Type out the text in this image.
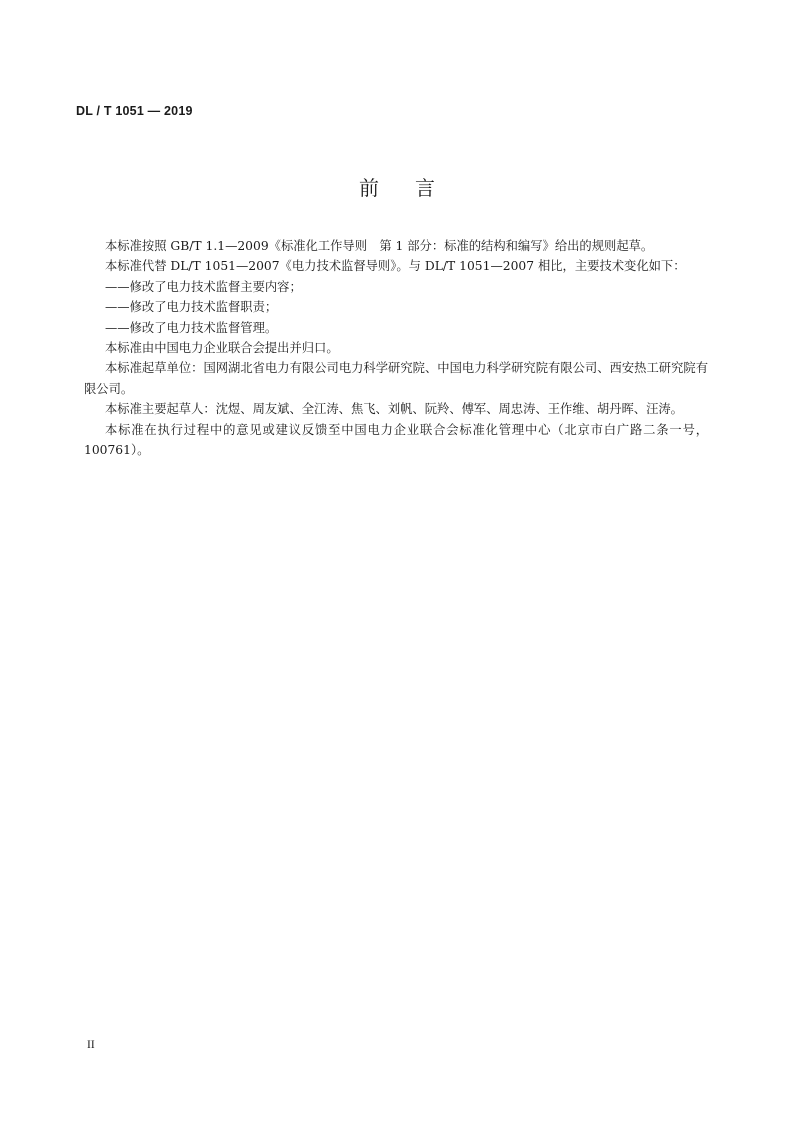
DL / T 1051 — 2019
前言

本标准按照 GB/T 1.1—2009《标准化工作导则　第 1 部分：标准的结构和编写》给出的规则起草。

本标准代替 DL/T 1051—2007《电力技术监督导则》。与 DL/T 1051—2007 相比，主要技术变化如下：

——修改了电力技术监督主要内容；

——修改了电力技术监督职责；

——修改了电力技术监督管理。

本标准由中国电力企业联合会提出并归口。

本标准起草单位：国网湖北省电力有限公司电力科学研究院、中国电力科学研究院有限公司、西安热工研究院有限公司。

本标准主要起草人：沈煜、周友斌、全江涛、焦飞、刘帆、阮羚、傅军、周忠涛、王作维、胡丹晖、汪涛。

本标准在执行过程中的意见或建议反馈至中国电力企业联合会标准化管理中心（北京市白广路二条一号，100761）。

II
